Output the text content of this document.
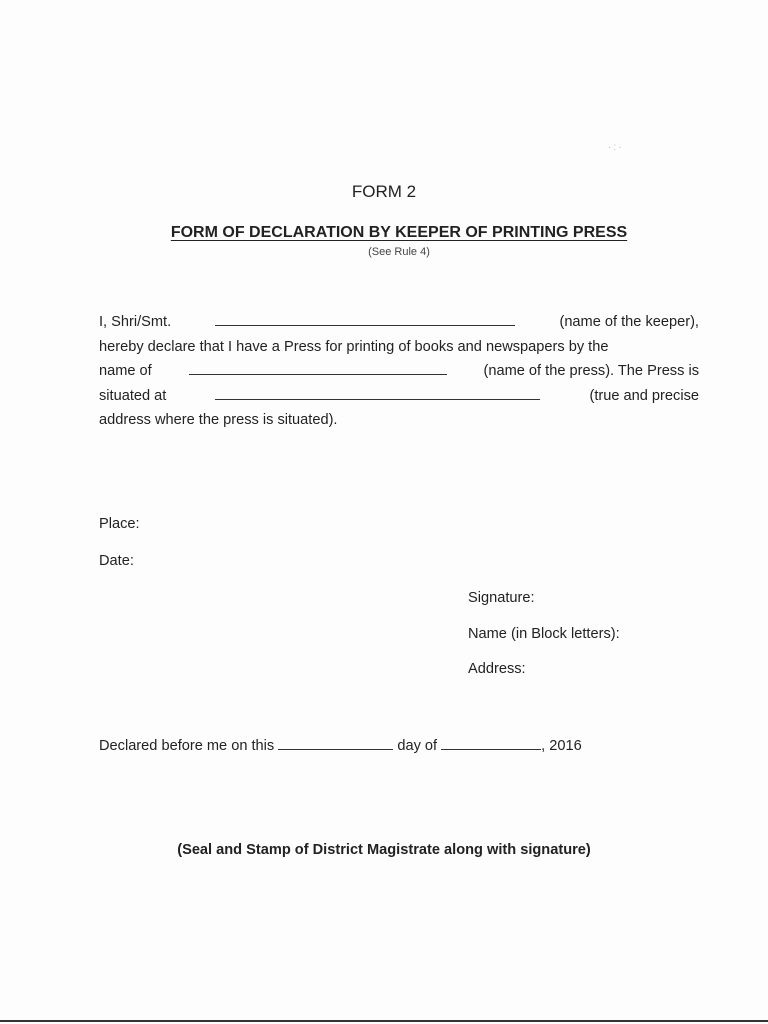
·:·
FORM 2
FORM OF DECLARATION BY KEEPER OF PRINTING PRESS
(See Rule 4)
I, Shri/Smt.	(name of the keeper),
hereby declare that I have a Press for printing of books and newspapers by the
name of	(name of the press). The Press is
situated at	(true and precise
address where the press is situated).
Place:
Date:
Signature:
Name (in Block letters):
Address:
Declared before me on this	day of	, 2016
(Seal and Stamp of District Magistrate along with signature)
